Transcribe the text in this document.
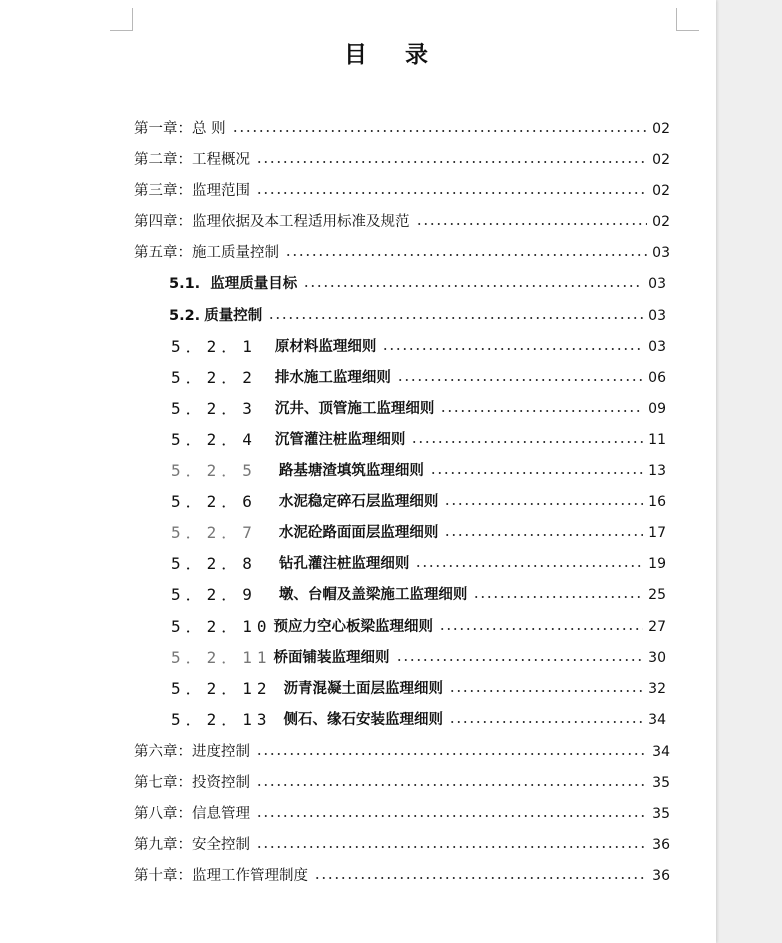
目录
第一章： 总 则	02
第二章： 工程概况	02
第三章： 监理范围	02
第四章： 监理依据及本工程适用标准及规范	02
第五章： 施工质量控制	03
5.1. 监理质量目标	03
5.2. 质量控制	03
5．2．1 原材料监理细则	03
5．2．2 排水施工监理细则	06
5．2．3 沉井、顶管施工监理细则	09
5．2．4 沉管灌注桩监理细则	11
5．2．5 路基塘渣填筑监理细则	13
5．2．6 水泥稳定碎石层监理细则	16
5．2．7 水泥砼路面面层监理细则	17
5．2．8 钻孔灌注桩监理细则	19
5．2．9 墩、台帽及盖梁施工监理细则	25
5．2．10 预应力空心板梁监理细则	27
5．2．11 桥面铺装监理细则	30
5．2．12 沥青混凝土面层监理细则	32
5．2．13 侧石、缘石安装监理细则	34
第六章： 进度控制	34
第七章： 投资控制	35
第八章： 信息管理	35
第九章： 安全控制	36
第十章： 监理工作管理制度	36
